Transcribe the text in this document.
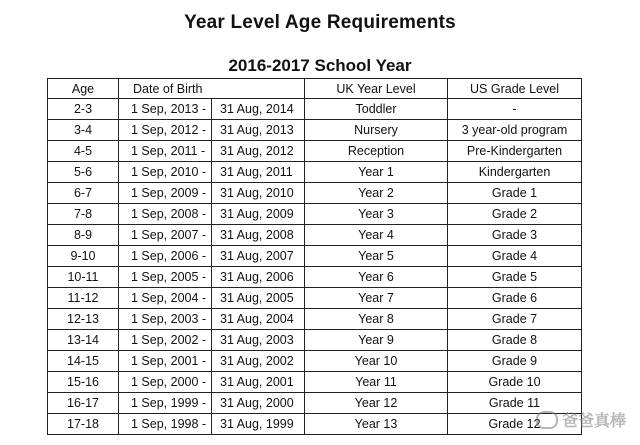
Year Level Age Requirements
2016-2017 School Year
Age	Date of Birth		UK Year Level	US Grade Level
2-3	1 Sep, 2013 -	31 Aug, 2014	Toddler	-
3-4	1 Sep, 2012 -	31 Aug, 2013	Nursery	3 year-old program
4-5	1 Sep, 2011 -	31 Aug, 2012	Reception	Pre-Kindergarten
5-6	1 Sep, 2010 -	31 Aug, 2011	Year 1	Kindergarten
6-7	1 Sep, 2009 -	31 Aug, 2010	Year 2	Grade 1
7-8	1 Sep, 2008 -	31 Aug, 2009	Year 3	Grade 2
8-9	1 Sep, 2007 -	31 Aug, 2008	Year 4	Grade 3
9-10	1 Sep, 2006 -	31 Aug, 2007	Year 5	Grade 4
10-11	1 Sep, 2005 -	31 Aug, 2006	Year 6	Grade 5
11-12	1 Sep, 2004 -	31 Aug, 2005	Year 7	Grade 6
12-13	1 Sep, 2003 -	31 Aug, 2004	Year 8	Grade 7
13-14	1 Sep, 2002 -	31 Aug, 2003	Year 9	Grade 8
14-15	1 Sep, 2001 -	31 Aug, 2002	Year 10	Grade 9
15-16	1 Sep, 2000 -	31 Aug, 2001	Year 11	Grade 10
16-17	1 Sep, 1999 -	31 Aug, 2000	Year 12	Grade 11
17-18	1 Sep, 1998 -	31 Aug, 1999	Year 13	Grade 12 爸爸真棒
